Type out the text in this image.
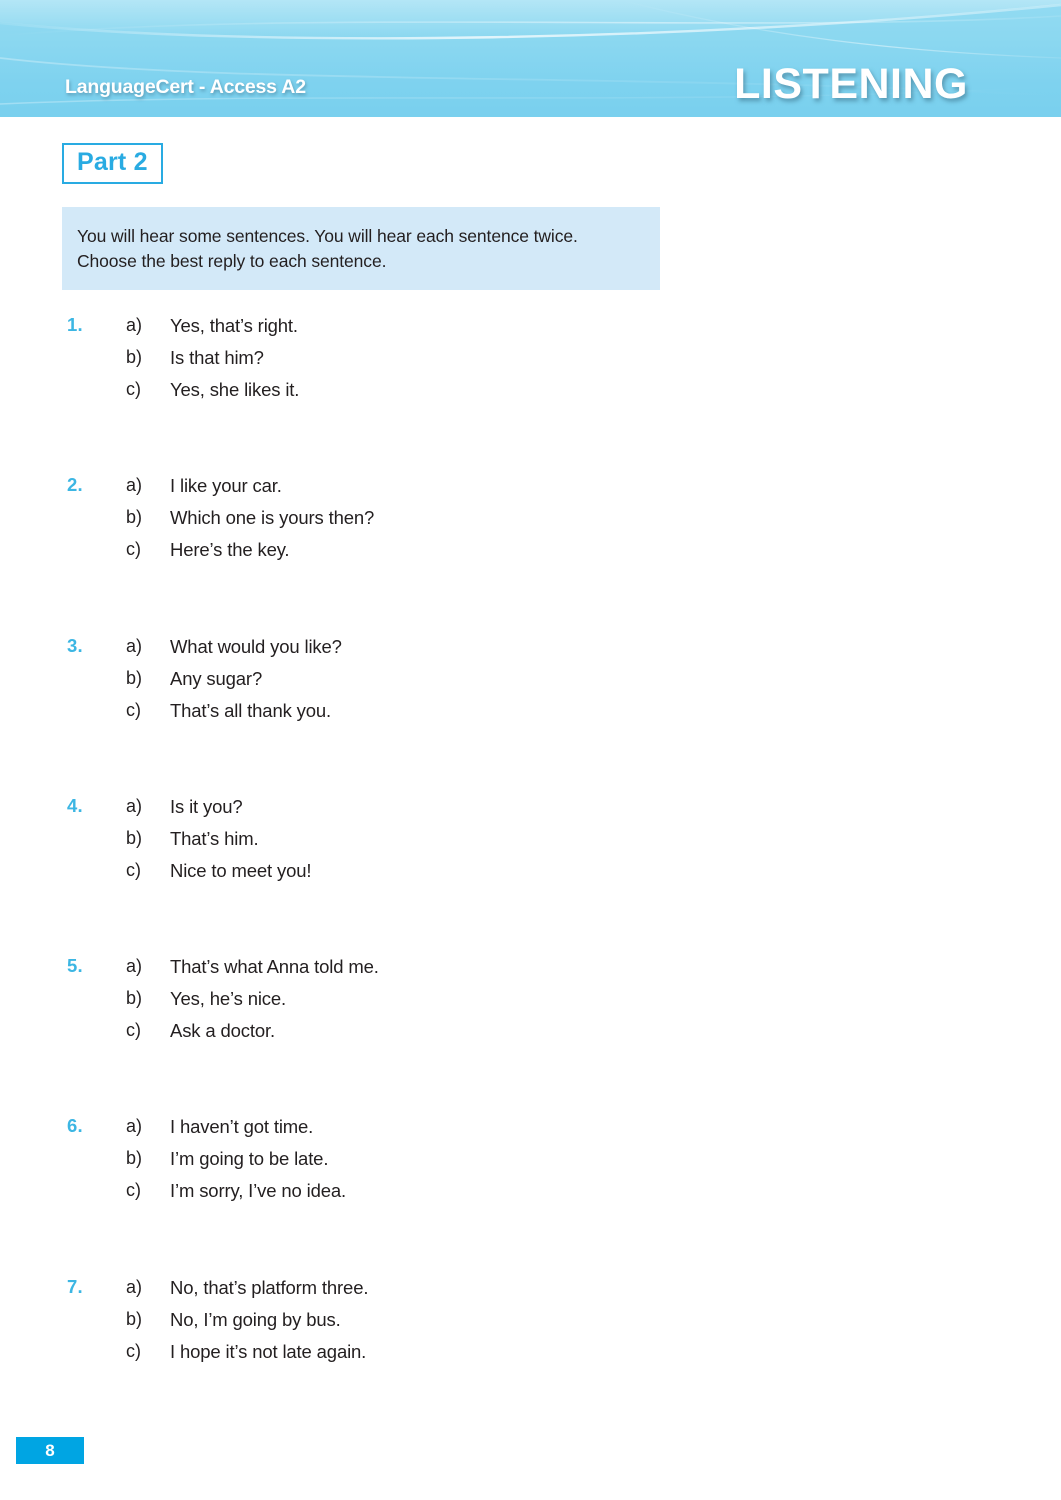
LanguageCert - Access A2	LISTENING
Part 2
You will hear some sentences. You will hear each sentence twice.
Choose the best reply to each sentence.
1. a) Yes, that’s right.
b) Is that him?
c) Yes, she likes it.
2. a) I like your car.
b) Which one is yours then?
c) Here’s the key.
3. a) What would you like?
b) Any sugar?
c) That’s all thank you.
4. a) Is it you?
b) That’s him.
c) Nice to meet you!
5. a) That’s what Anna told me.
b) Yes, he’s nice.
c) Ask a doctor.
6. a) I haven’t got time.
b) I’m going to be late.
c) I’m sorry, I’ve no idea.
7. a) No, that’s platform three.
b) No, I’m going by bus.
c) I hope it’s not late again.
8
